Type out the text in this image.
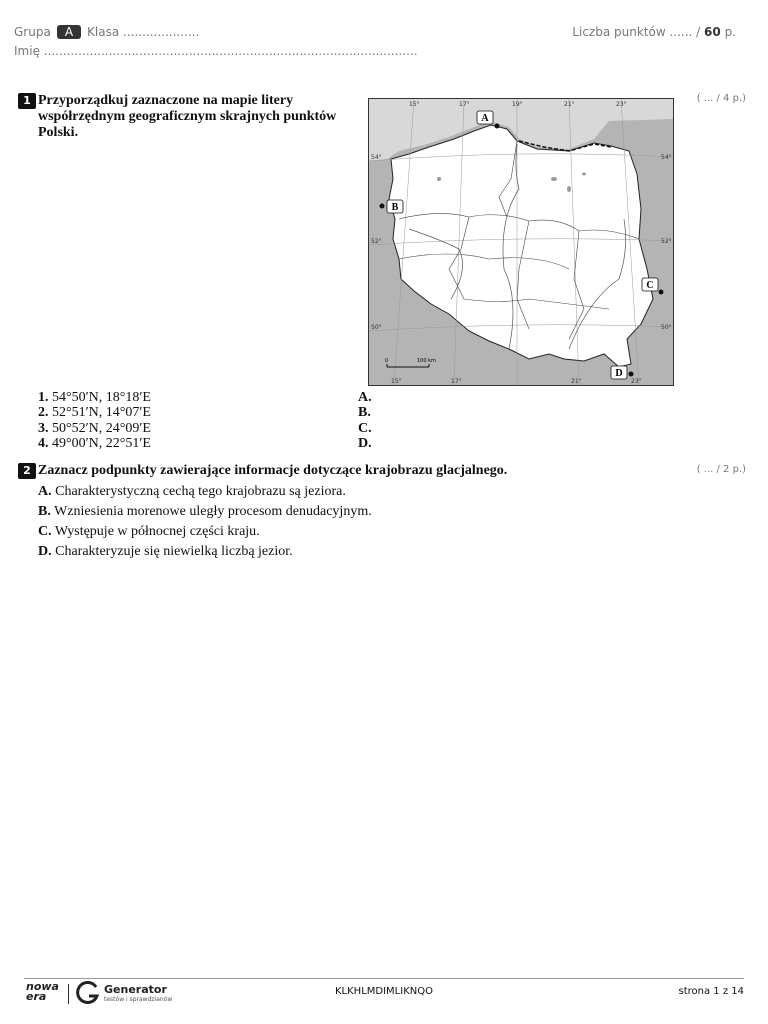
Grupa A Klasa ....................
Imię ..................................................................................................
Liczba punktów ...... / 60 p.
1 Przyporządkuj zaznaczone na mapie litery
współrzędnym geograficznym skrajnych punktów
Polski.
( ... / 4 p.)
A
B
C
D
15°	17°	19°	21°	23°
15°	17°	21°	23°
54°
52°
50°
54°
52°
50°
0	100 km
1. 54°50′N, 18°18′E
2. 52°51′N, 14°07′E
3. 50°52′N, 24°09′E
4. 49°00′N, 22°51′E
A.
B.
C.
D.
2 Zaznacz podpunkty zawierające informacje dotyczące krajobrazu glacjalnego.	( ... / 2 p.)
A. Charakterystyczną cechą tego krajobrazu są jeziora.
B. Wzniesienia morenowe uległy procesom denudacyjnym.
C. Występuje w północnej części kraju.
D. Charakteryzuje się niewielką liczbą jezior.
nowa
era
Generator
testów i sprawdzianów
KLKHLMDIMLIKNQO	strona 1 z 14
